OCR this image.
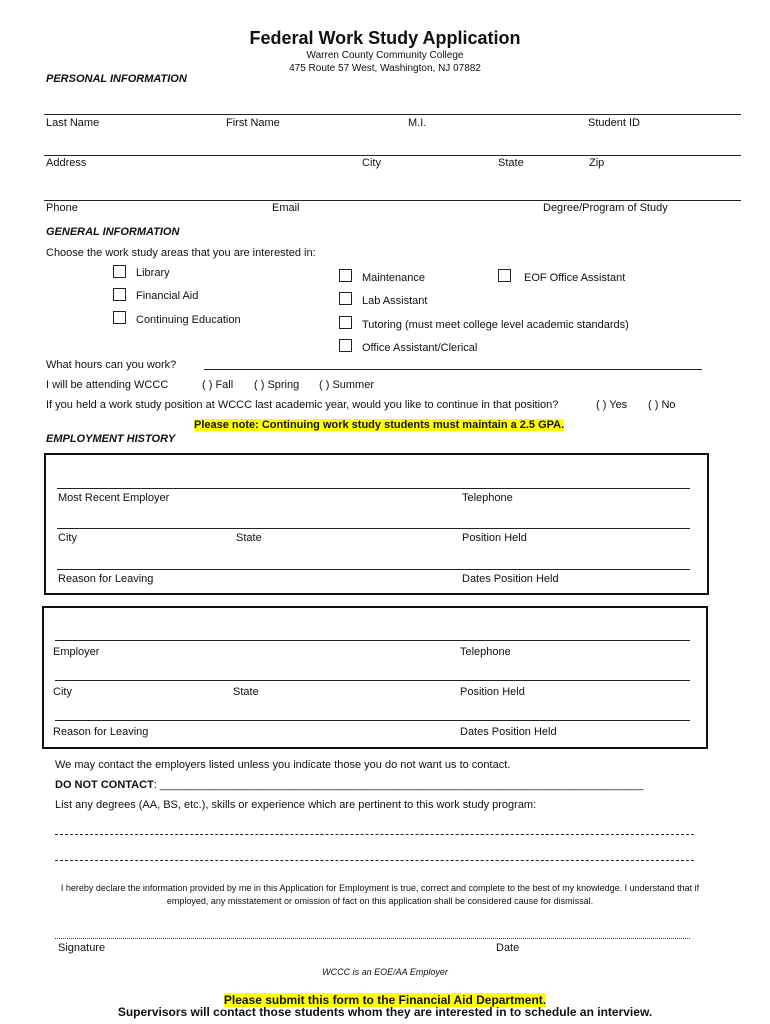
Federal Work Study Application
Warren County Community College
475 Route 57 West, Washington, NJ 07882
PERSONAL INFORMATION
Last Name	First Name	M.I.	Student ID
Address	City	State	Zip
Phone	Email	Degree/Program of Study
GENERAL INFORMATION
Choose the work study areas that you are interested in:
Library
Financial Aid
Continuing Education
Maintenance
Lab Assistant
Tutoring (must meet college level academic standards)
Office Assistant/Clerical
EOF Office Assistant
What hours can you work?
I will be attending WCCC	( ) Fall ( ) Spring ( ) Summer
If you held a work study position at WCCC last academic year, would you like to continue in that position?	( ) Yes ( ) No
Please note: Continuing work study students must maintain a 2.5 GPA.
EMPLOYMENT HISTORY
Most Recent Employer	Telephone
City	State	Position Held
Reason for Leaving	Dates Position Held
Employer	Telephone
City	State	Position Held
Reason for Leaving	Dates Position Held
We may contact the employers listed unless you indicate those you do not want us to contact.
DO NOT CONTACT: _______________________________________________________________________________
List any degrees (AA, BS, etc.), skills or experience which are pertinent to this work study program:
I hereby declare the information provided by me in this Application for Employment is true, correct and complete to the best of my knowledge. I understand that if employed, any misstatement or omission of fact on this application shall be considered cause for dismissal.
Signature	Date
WCCC is an EOE/AA Employer
Please submit this form to the Financial Aid Department.
Supervisors will contact those students whom they are interested in to schedule an interview.
